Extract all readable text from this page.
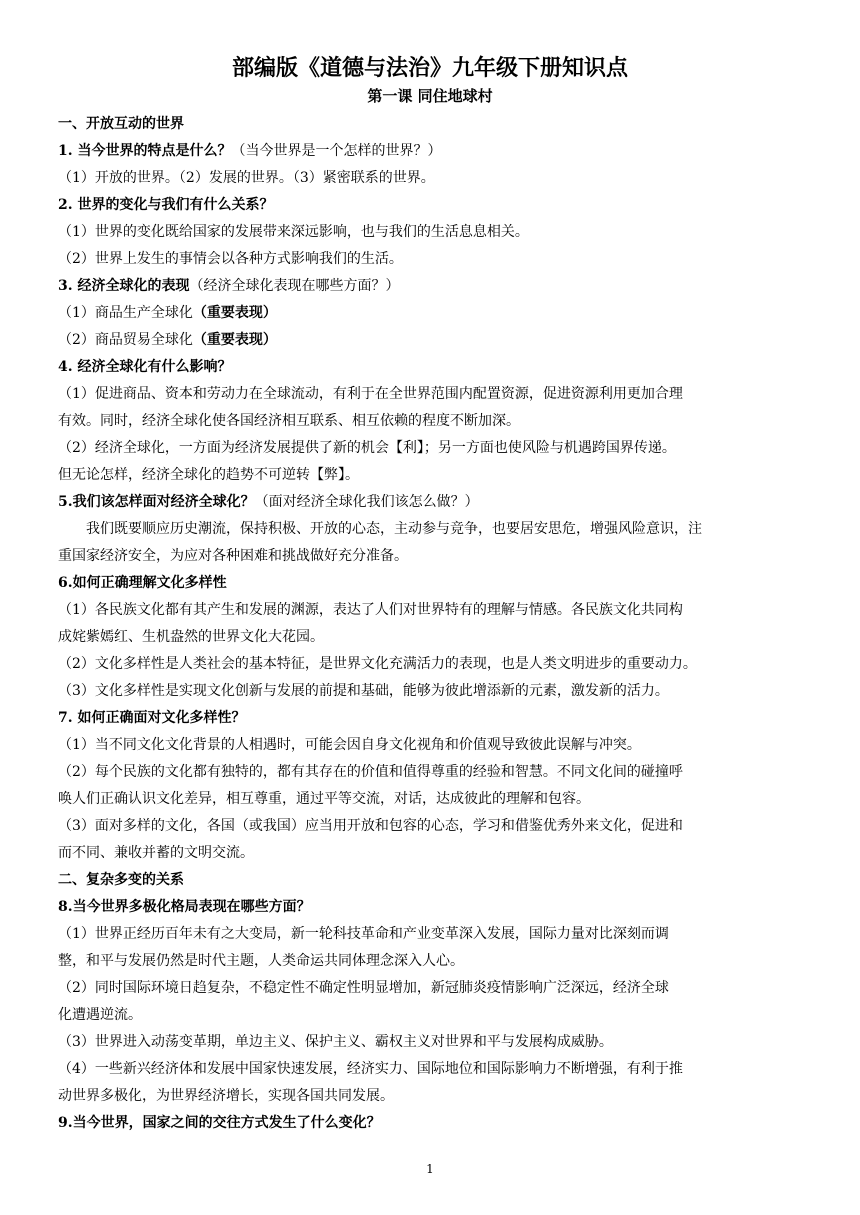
部编版《道德与法治》九年级下册知识点
第一课 同住地球村
一、开放互动的世界
1. 当今世界的特点是什么？（当今世界是一个怎样的世界？）
（1）开放的世界。（2）发展的世界。（3）紧密联系的世界。
2. 世界的变化与我们有什么关系？
（1）世界的变化既给国家的发展带来深远影响，也与我们的生活息息相关。
（2）世界上发生的事情会以各种方式影响我们的生活。
3. 经济全球化的表现（经济全球化表现在哪些方面？）
（1）商品生产全球化（重要表现）
（2）商品贸易全球化（重要表现）
4. 经济全球化有什么影响？
（1）促进商品、资本和劳动力在全球流动，有利于在全世界范围内配置资源，促进资源利用更加合理
有效。同时，经济全球化使各国经济相互联系、相互依赖的程度不断加深。
（2）经济全球化，一方面为经济发展提供了新的机会【利】；另一方面也使风险与机遇跨国界传递。
但无论怎样，经济全球化的趋势不可逆转【弊】。
5.我们该怎样面对经济全球化？（面对经济全球化我们该怎么做？）
我们既要顺应历史潮流，保持积极、开放的心态，主动参与竞争，也要居安思危，增强风险意识，注
重国家经济安全，为应对各种困难和挑战做好充分准备。
6.如何正确理解文化多样性
（1）各民族文化都有其产生和发展的渊源，表达了人们对世界特有的理解与情感。各民族文化共同构
成姹紫嫣红、生机盎然的世界文化大花园。
（2）文化多样性是人类社会的基本特征，是世界文化充满活力的表现，也是人类文明进步的重要动力。
（3）文化多样性是实现文化创新与发展的前提和基础，能够为彼此增添新的元素，激发新的活力。
7. 如何正确面对文化多样性？
（1）当不同文化文化背景的人相遇时，可能会因自身文化视角和价值观导致彼此误解与冲突。
（2）每个民族的文化都有独特的，都有其存在的价值和值得尊重的经验和智慧。不同文化间的碰撞呼
唤人们正确认识文化差异，相互尊重，通过平等交流，对话，达成彼此的理解和包容。
（3）面对多样的文化，各国（或我国）应当用开放和包容的心态，学习和借鉴优秀外来文化，促进和
而不同、兼收并蓄的文明交流。
二、复杂多变的关系
8.当今世界多极化格局表现在哪些方面？
（1）世界正经历百年未有之大变局，新一轮科技革命和产业变革深入发展，国际力量对比深刻而调
整，和平与发展仍然是时代主题，人类命运共同体理念深入人心。
（2）同时国际环境日趋复杂，不稳定性不确定性明显增加，新冠肺炎疫情影响广泛深远，经济全球
化遭遇逆流。
（3）世界进入动荡变革期，单边主义、保护主义、霸权主义对世界和平与发展构成威胁。
（4）一些新兴经济体和发展中国家快速发展，经济实力、国际地位和国际影响力不断增强，有利于推
动世界多极化，为世界经济增长，实现各国共同发展。
9.当今世界，国家之间的交往方式发生了什么变化？
1
